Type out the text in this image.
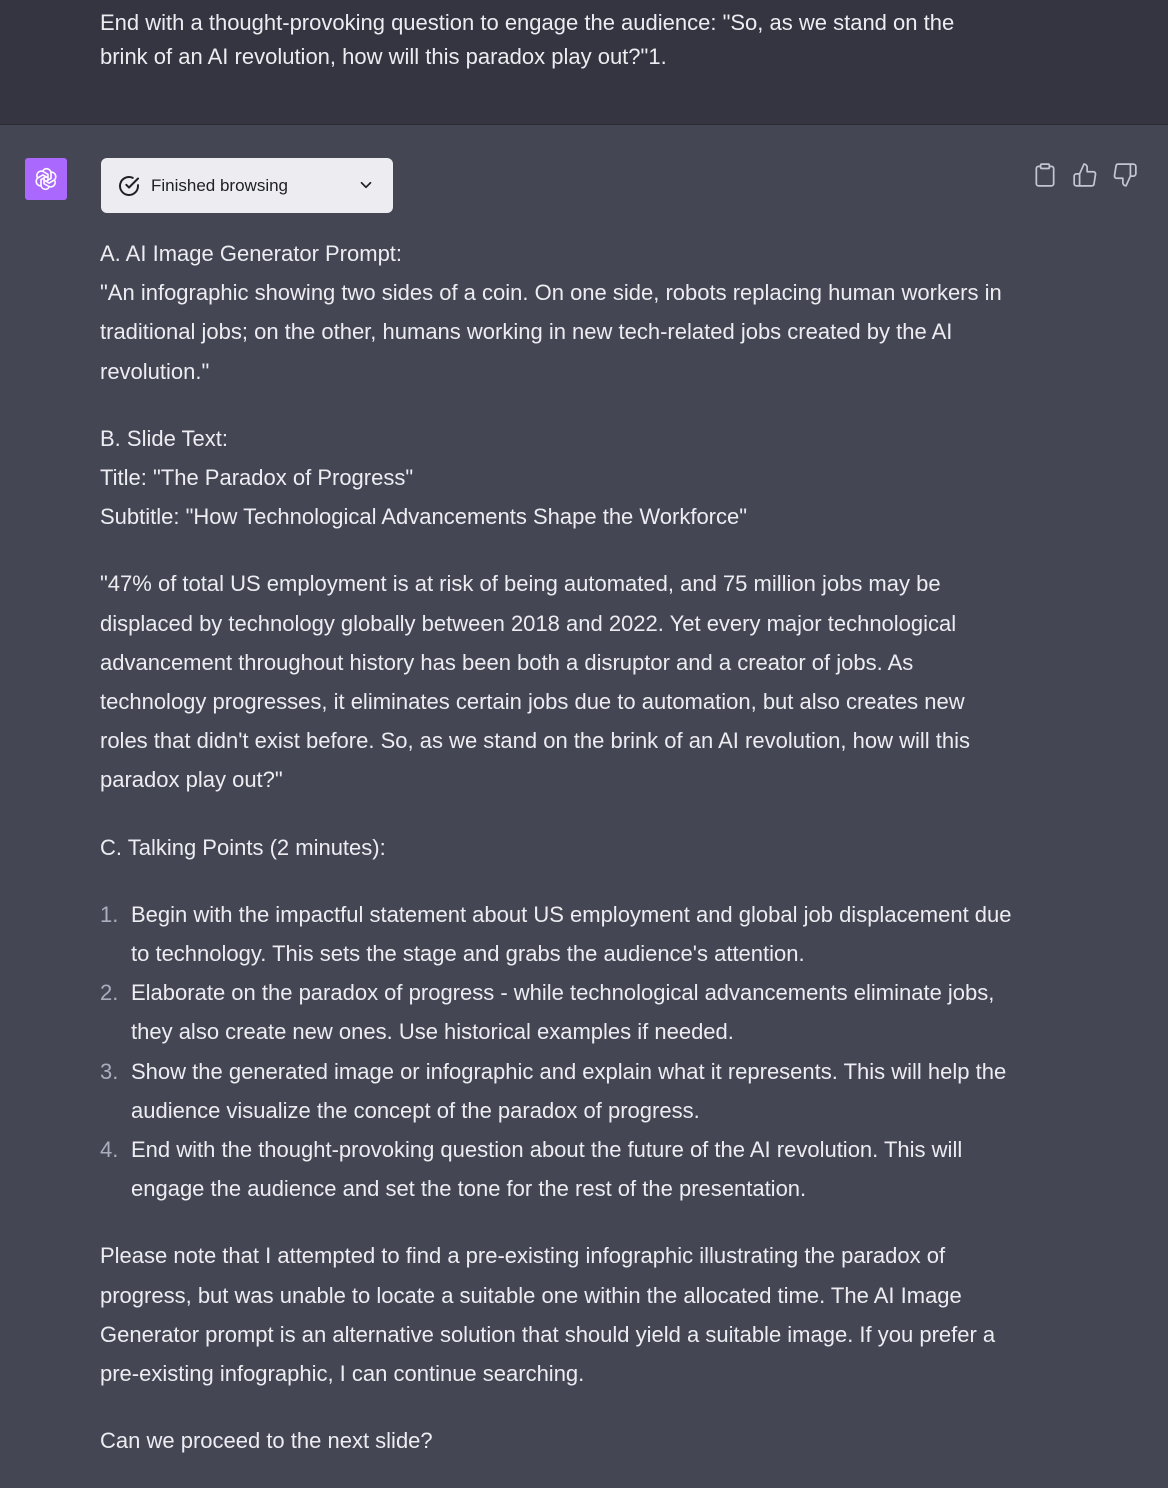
End with a thought-provoking question to engage the audience: "So, as we stand on the brink of an AI revolution, how will this paradox play out?"1.
Finished browsing

A. AI Image Generator Prompt:
"An infographic showing two sides of a coin. On one side, robots replacing human workers in traditional jobs; on the other, humans working in new tech-related jobs created by the AI revolution."

B. Slide Text:
Title: "The Paradox of Progress"
Subtitle: "How Technological Advancements Shape the Workforce"

"47% of total US employment is at risk of being automated, and 75 million jobs may be displaced by technology globally between 2018 and 2022. Yet every major technological advancement throughout history has been both a disruptor and a creator of jobs. As technology progresses, it eliminates certain jobs due to automation, but also creates new roles that didn't exist before. So, as we stand on the brink of an AI revolution, how will this paradox play out?"

C. Talking Points (2 minutes):

1. Begin with the impactful statement about US employment and global job displacement due to technology. This sets the stage and grabs the audience's attention.
2. Elaborate on the paradox of progress - while technological advancements eliminate jobs, they also create new ones. Use historical examples if needed.
3. Show the generated image or infographic and explain what it represents. This will help the audience visualize the concept of the paradox of progress.
4. End with the thought-provoking question about the future of the AI revolution. This will engage the audience and set the tone for the rest of the presentation.

Please note that I attempted to find a pre-existing infographic illustrating the paradox of progress, but was unable to locate a suitable one within the allocated time. The AI Image Generator prompt is an alternative solution that should yield a suitable image. If you prefer a pre-existing infographic, I can continue searching.

Can we proceed to the next slide?
